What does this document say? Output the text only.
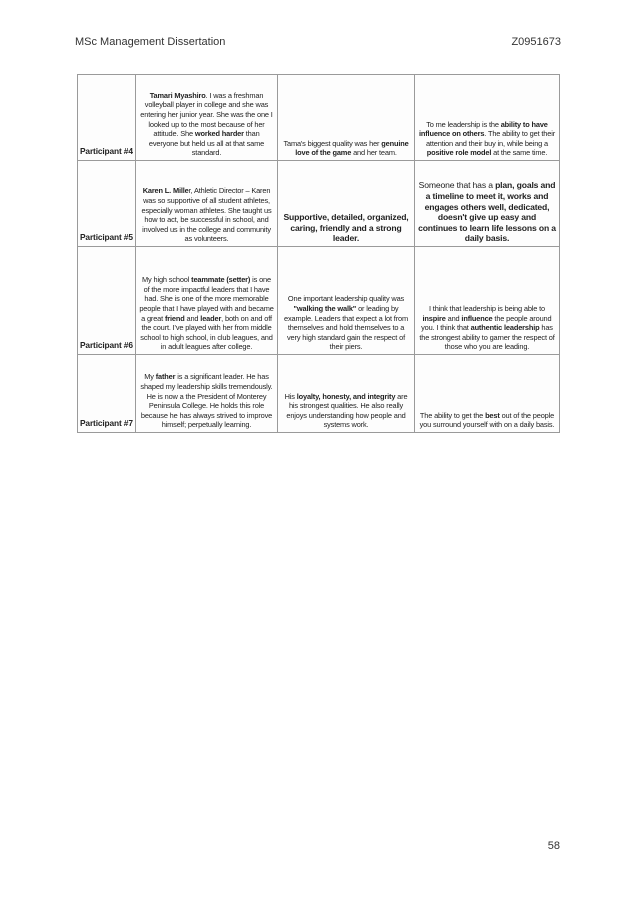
MSc Management Dissertation	Z0951673
Participant #4	Tamari Myashiro. I was a freshman volleyball player in college and she was entering her junior year. She was the one I looked up to the most because of her attitude. She worked harder than everyone but held us all at that same standard.	Tama's biggest quality was her genuine love of the game and her team.	To me leadership is the ability to have influence on others. The ability to get their attention and their buy in, while being a positive role model at the same time.
Participant #5	Karen L. Miller, Athletic Director – Karen was so supportive of all student athletes, especially woman athletes. She taught us how to act, be successful in school, and involved us in the college and community as volunteers.	Supportive, detailed, organized, caring, friendly and a strong leader.	Someone that has a plan, goals and a timeline to meet it, works and engages others well, dedicated, doesn't give up easy and continues to learn life lessons on a daily basis.
Participant #6	My high school teammate (setter) is one of the more impactful leaders that I have had. She is one of the more memorable people that I have played with and became a great friend and leader, both on and off the court. I've played with her from middle school to high school, in club leagues, and in adult leagues after college.	One important leadership quality was "walking the walk" or leading by example. Leaders that expect a lot from themselves and hold themselves to a very high standard gain the respect of their piers.	I think that leadership is being able to inspire and influence the people around you. I think that authentic leadership has the strongest ability to garner the respect of those who you are leading.
Participant #7	My father is a significant leader. He has shaped my leadership skills tremendously. He is now a the President of Monterey Peninsula College. He holds this role because he has always strived to improve himself; perpetually learning.	His loyalty, honesty, and integrity are his strongest qualities. He also really enjoys understanding how people and systems work.	The ability to get the best out of the people you surround yourself with on a daily basis.
58
